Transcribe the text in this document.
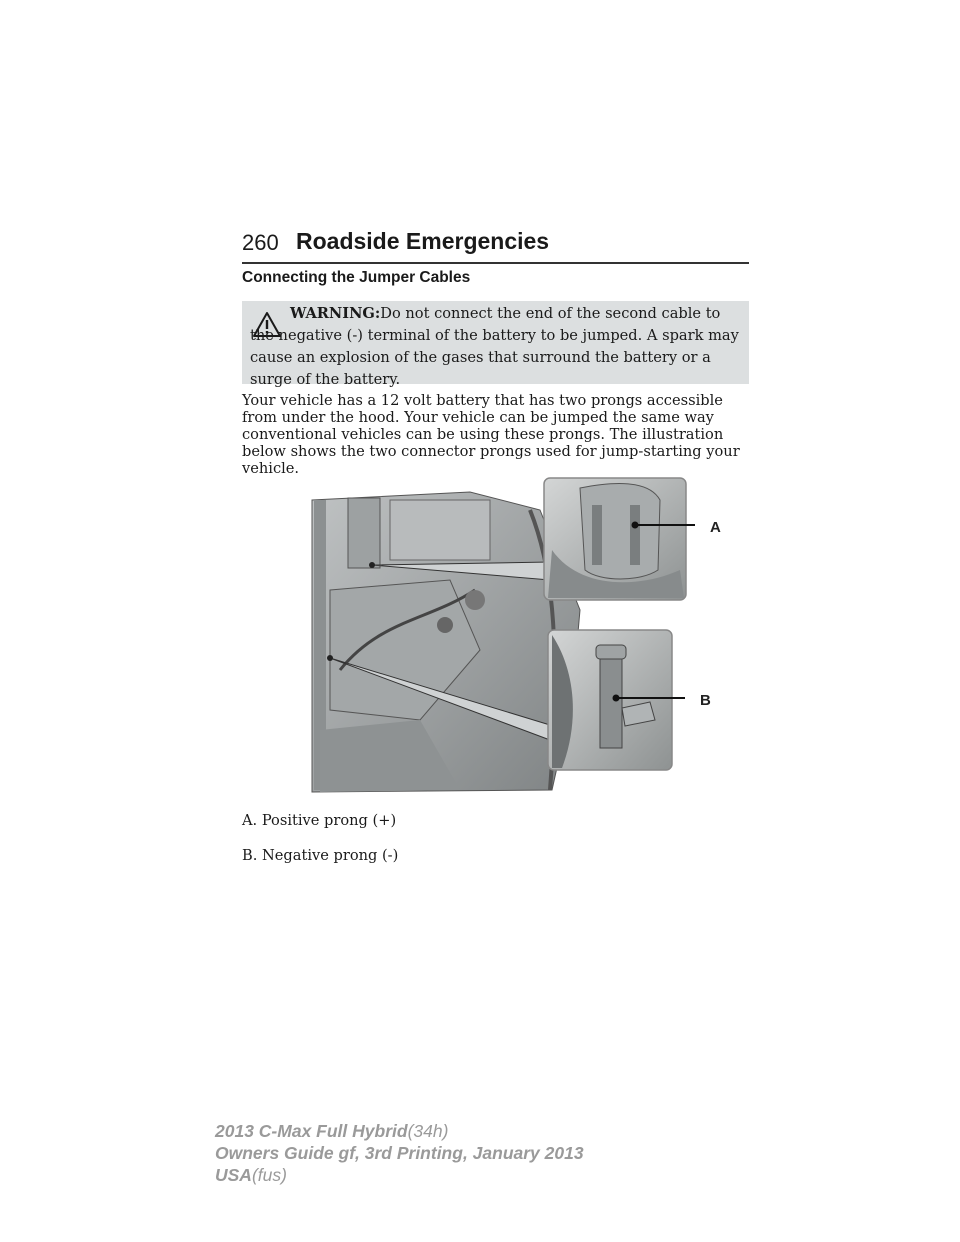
260 Roadside Emergencies
Connecting the Jumper Cables
WARNING:Do not connect the end of the second cable to the negative (-) terminal of the battery to be jumped. A spark may cause an explosion of the gases that surround the battery or a surge of the battery.
Your vehicle has a 12 volt battery that has two prongs accessible from under the hood. Your vehicle can be jumped the same way conventional vehicles can be using these prongs. The illustration below shows the two connector prongs used for jump-starting your vehicle.
A
B
A. Positive prong (+)
B. Negative prong (-)
2013 C-Max Full Hybrid(34h)
Owners Guide gf, 3rd Printing, January 2013
USA(fus)
